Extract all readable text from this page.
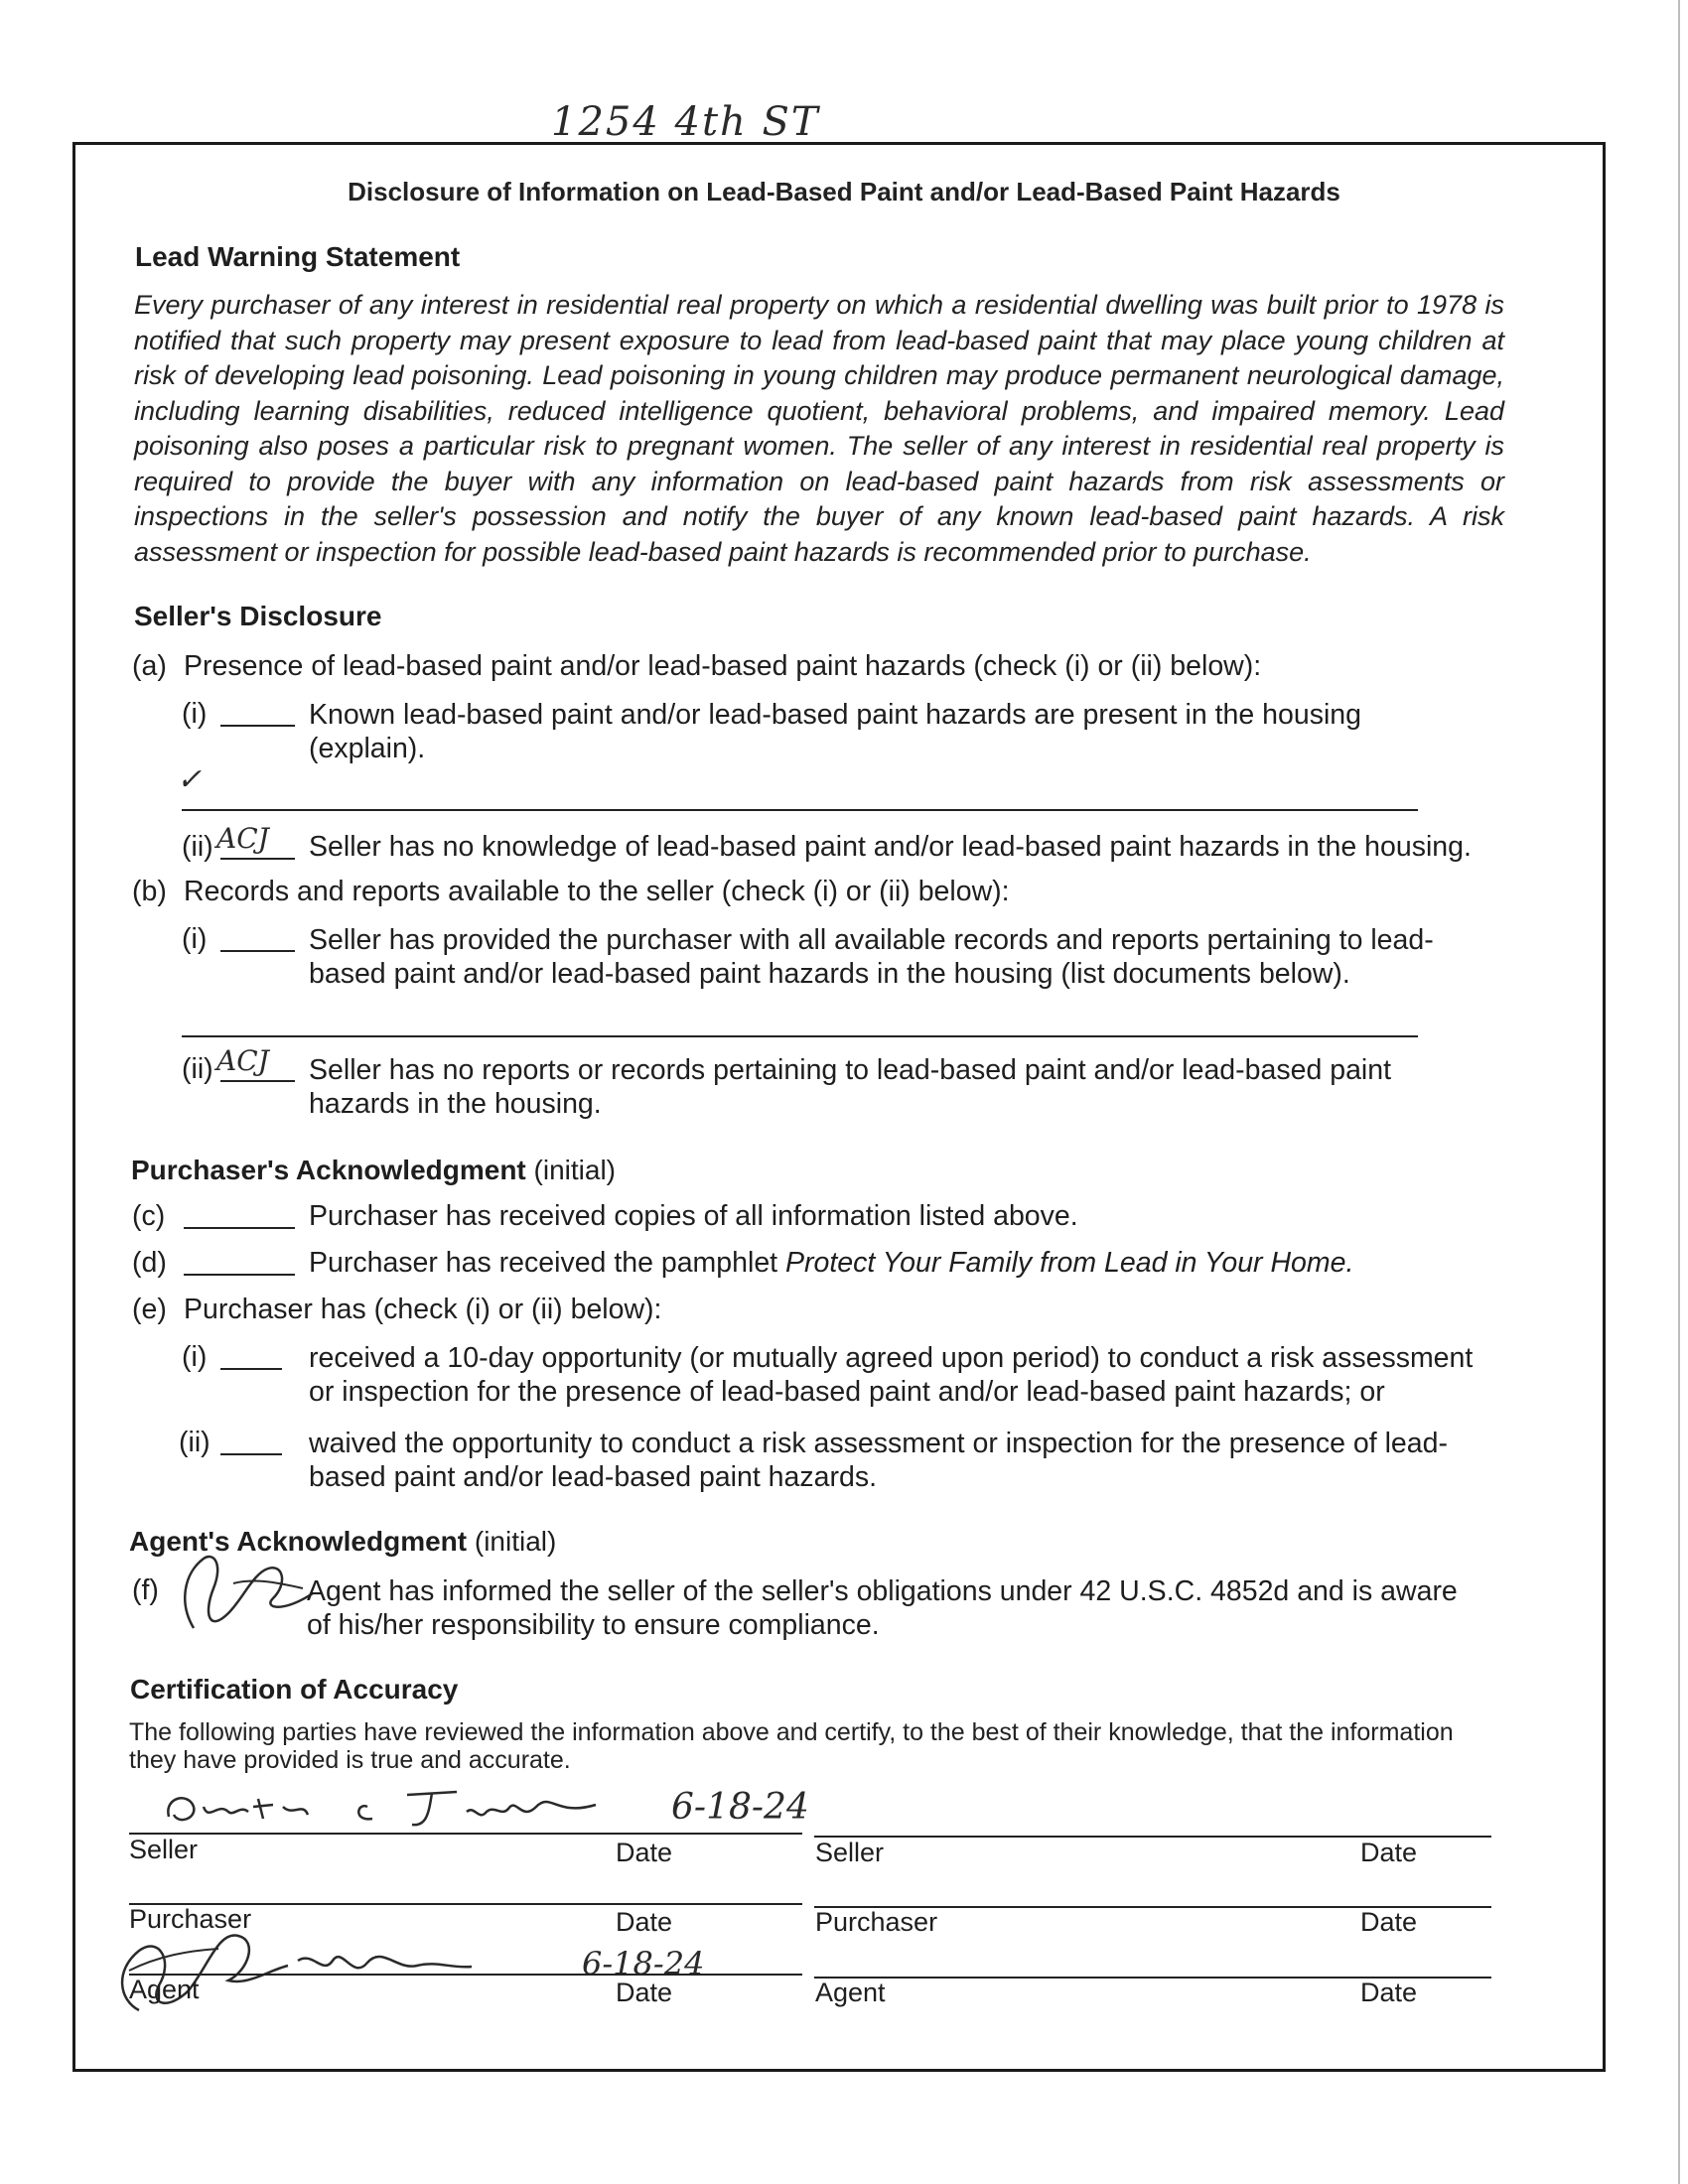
1254 4th ST
Disclosure of Information on Lead-Based Paint and/or Lead-Based Paint Hazards
Lead Warning Statement
Every purchaser of any interest in residential real property on which a residential dwelling was built prior to 1978 is notified that such property may present exposure to lead from lead-based paint that may place young children at risk of developing lead poisoning. Lead poisoning in young children may produce permanent neurological damage, including learning disabilities, reduced intelligence quotient, behavioral problems, and impaired memory. Lead poisoning also poses a particular risk to pregnant women. The seller of any interest in residential real property is required to provide the buyer with any information on lead-based paint hazards from risk assessments or inspections in the seller's possession and notify the buyer of any known lead-based paint hazards. A risk assessment or inspection for possible lead-based paint hazards is recommended prior to purchase.
Seller's Disclosure
(a) Presence of lead-based paint and/or lead-based paint hazards (check (i) or (ii) below):
(i)	Known lead-based paint and/or lead-based paint hazards are present in the housing (explain).
✓
(ii) ACJ Seller has no knowledge of lead-based paint and/or lead-based paint hazards in the housing.
(b) Records and reports available to the seller (check (i) or (ii) below):
(i)	Seller has provided the purchaser with all available records and reports pertaining to lead-based paint and/or lead-based paint hazards in the housing (list documents below).
(ii) ACJ Seller has no reports or records pertaining to lead-based paint and/or lead-based paint hazards in the housing.
Purchaser's Acknowledgment (initial)
(c)	Purchaser has received copies of all information listed above.
(d)	Purchaser has received the pamphlet Protect Your Family from Lead in Your Home.
(e) Purchaser has (check (i) or (ii) below):
(i)	received a 10-day opportunity (or mutually agreed upon period) to conduct a risk assessment or inspection for the presence of lead-based paint and/or lead-based paint hazards; or
(ii)	waived the opportunity to conduct a risk assessment or inspection for the presence of lead-based paint and/or lead-based paint hazards.
Agent's Acknowledgment (initial)
(f)	Agent has informed the seller of the seller's obligations under 42 U.S.C. 4852d and is aware of his/her responsibility to ensure compliance.
Certification of Accuracy
The following parties have reviewed the information above and certify, to the best of their knowledge, that the information they have provided is true and accurate.
6-18-24
Seller	Date	Seller	Date
Purchaser	Date	Purchaser	Date
6-18-24
Agent	Date	Agent	Date
